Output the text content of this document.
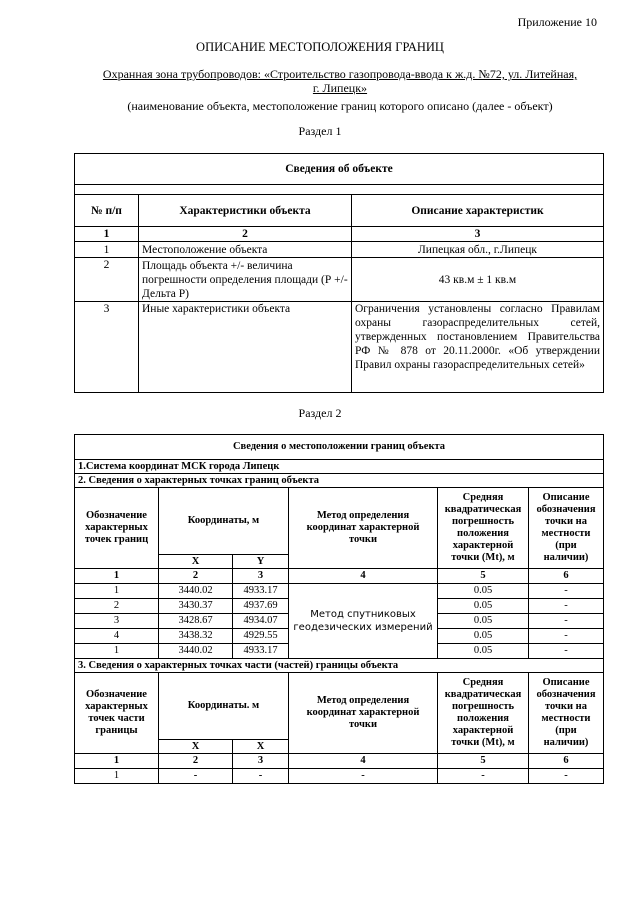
Приложение 10
ОПИСАНИЕ МЕСТОПОЛОЖЕНИЯ ГРАНИЦ
Охранная зона трубопроводов: «Строительство газопровода-ввода к ж.д. №72, ул. Литейная,
г. Липецк»
(наименование объекта, местоположение границ которого описано (далее - объект)
Раздел 1
Сведения об объекте		

№ п/п	Характеристики объекта	Описание характеристик
1	2	3
1	Местоположение объекта	Липецкая обл., г.Липецк
2	Площадь объекта +/- величина погрешности определения площади (Р +/- Дельта Р)	43 кв.м ± 1 кв.м
3	Иные характеристики объекта	Ограничения установлены согласно Правилам охраны газораспределительных сетей, утвержденных постановлением Правительства РФ № 878 от 20.11.2000г. «Об утверждении Правил охраны газораспределительных сетей»
Раздел 2
Сведения о местоположении границ объекта					
1.Система координат МСК города Липецк					
2. Сведения о характерных точках границ объекта					
Обозначение характерных точек границ	Координаты, м		Метод определения координат характерной точки	Средняя квадратическая погрешность положения характерной точки (Mt), м	Описание обозначения точки на местности (при наличии)
	X	Y			
1	2	3	4	5	6
1	3440.02	4933.17	Метод спутниковых геодезических измерений	0.05	-
2	3430.37	4937.69		0.05	-
3	3428.67	4934.07		0.05	-
4	3438.32	4929.55		0.05	-
1	3440.02	4933.17		0.05	-
3. Сведения о характерных точках части (частей) границы объекта					
Обозначение характерных точек части границы	Координаты. м		Метод определения координат характерной точки	Средняя квадратическая погрешность положения характерной точки (Mt), м	Описание обозначения точки на местности (при наличии)
	X	X			
1	2	3	4	5	6
1	-	-	-	-	-
